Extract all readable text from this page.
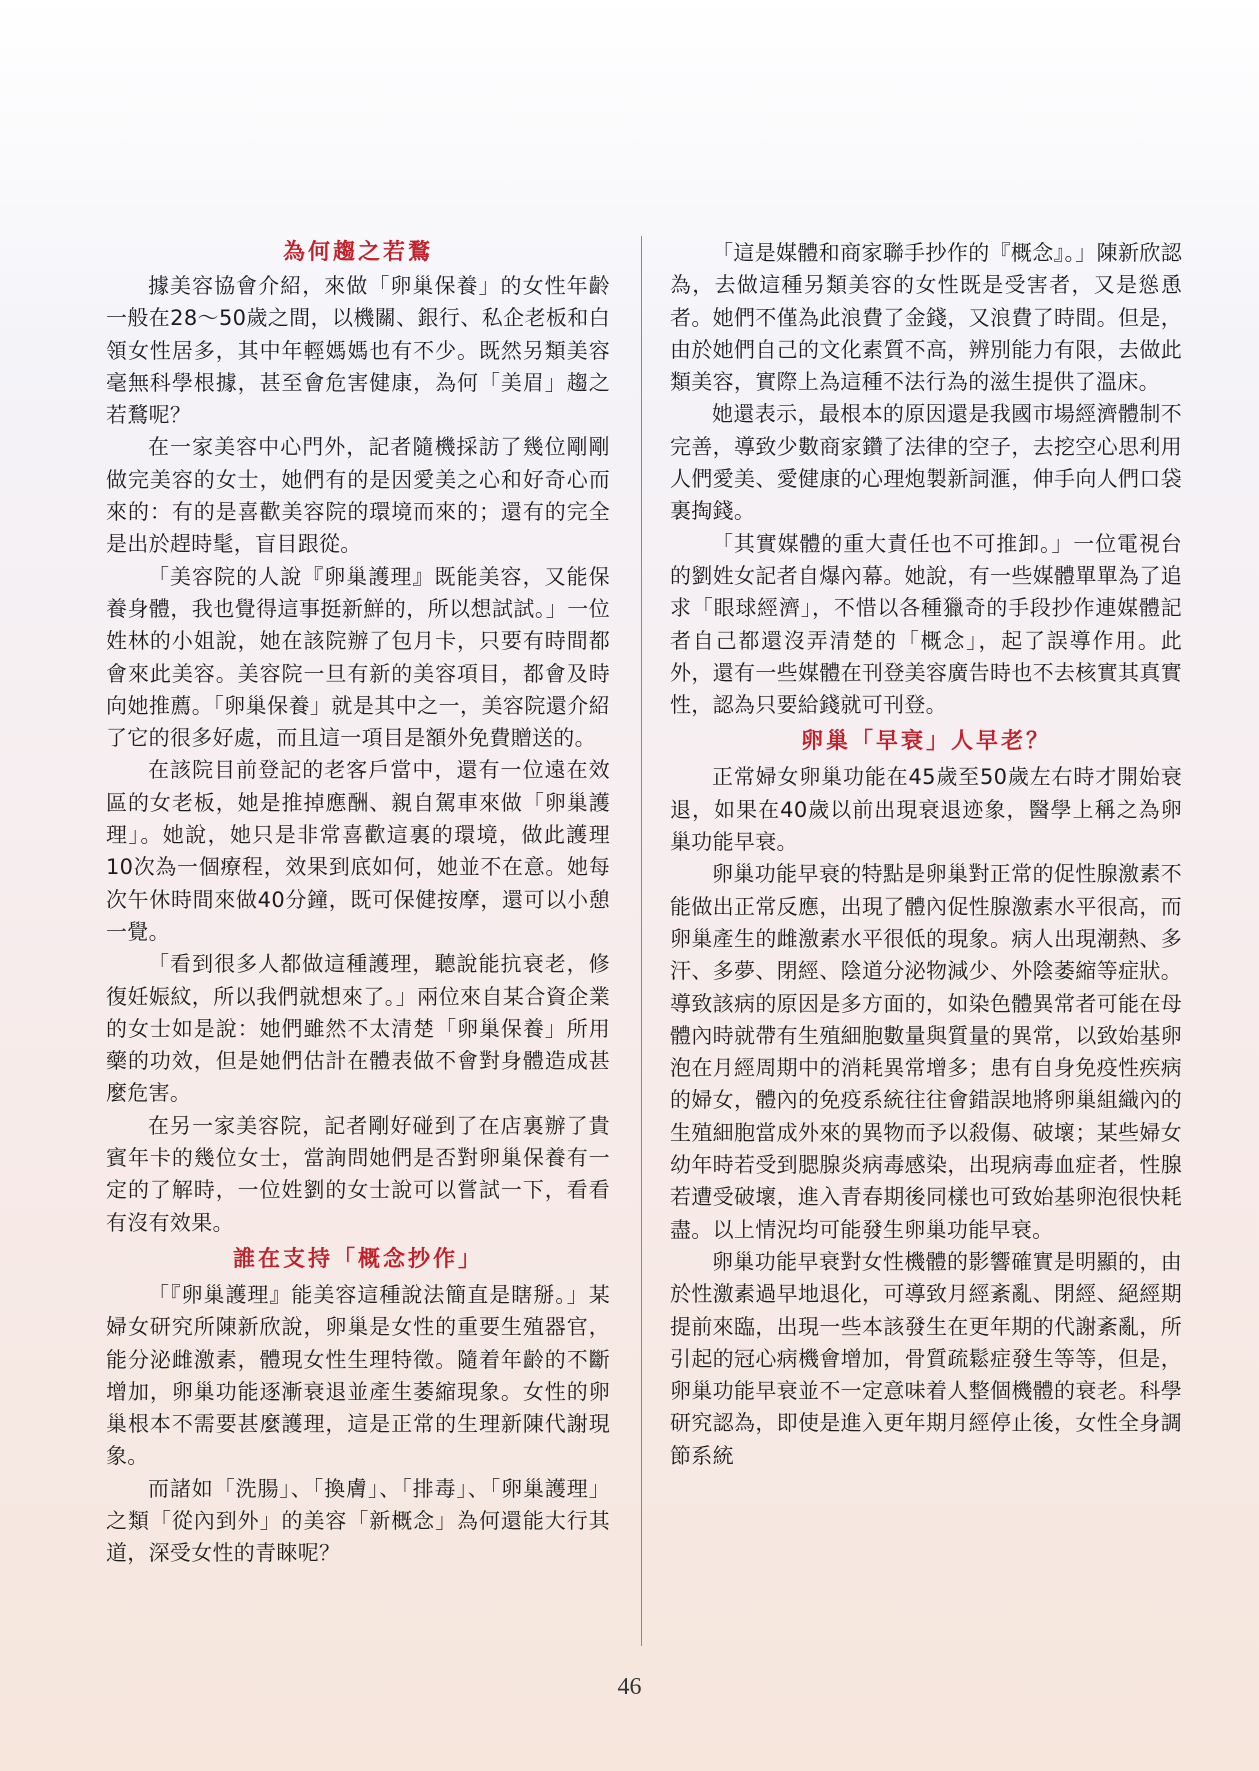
為何趨之若鶩

據美容協會介紹，來做「卵巢保養」的女性年齡一般在28～50歲之間，以機關、銀行、私企老板和白領女性居多，其中年輕媽媽也有不少。既然另類美容毫無科學根據，甚至會危害健康，為何「美眉」趨之若鶩呢？

在一家美容中心門外，記者隨機採訪了幾位剛剛做完美容的女士，她們有的是因愛美之心和好奇心而來的：有的是喜歡美容院的環境而來的；還有的完全是出於趕時髦，盲目跟從。

「美容院的人說『卵巢護理』既能美容，又能保養身體，我也覺得這事挺新鮮的，所以想試試。」一位姓林的小姐說，她在該院辦了包月卡，只要有時間都會來此美容。美容院一旦有新的美容項目，都會及時向她推薦。「卵巢保養」就是其中之一，美容院還介紹了它的很多好處，而且這一項目是額外免費贈送的。

在該院目前登記的老客戶當中，還有一位遠在效區的女老板，她是推掉應酬、親自駕車來做「卵巢護理」。她說，她只是非常喜歡這裏的環境，做此護理10次為一個療程，效果到底如何，她並不在意。她每次午休時間來做40分鐘，既可保健按摩，還可以小憩一覺。

「看到很多人都做這種護理，聽說能抗衰老，修復妊娠紋，所以我們就想來了。」兩位來自某合資企業的女士如是說：她們雖然不太清楚「卵巢保養」所用藥的功效，但是她們估計在體表做不會對身體造成甚麼危害。

在另一家美容院，記者剛好碰到了在店裏辦了貴賓年卡的幾位女士，當詢問她們是否對卵巢保養有一定的了解時，一位姓劉的女士說可以嘗試一下，看看有沒有效果。

誰在支持「概念抄作」

「『卵巢護理』能美容這種說法簡直是瞎掰。」某婦女研究所陳新欣說，卵巢是女性的重要生殖器官，能分泌雌激素，體現女性生理特徵。隨着年齡的不斷增加，卵巢功能逐漸衰退並產生萎縮現象。女性的卵巢根本不需要甚麼護理，這是正常的生理新陳代謝現象。

而諸如「洗腸」、「換膚」、「排毒」、「卵巢護理」之類「從內到外」的美容「新概念」為何還能大行其道，深受女性的青睞呢？

「這是媒體和商家聯手抄作的『概念』。」陳新欣認為，去做這種另類美容的女性既是受害者，又是慫恿者。她們不僅為此浪費了金錢，又浪費了時間。但是，由於她們自己的文化素質不高，辨別能力有限，去做此類美容，實際上為這種不法行為的滋生提供了溫床。

她還表示，最根本的原因還是我國市場經濟體制不完善，導致少數商家鑽了法律的空子，去挖空心思利用人們愛美、愛健康的心理炮製新詞滙，伸手向人們口袋裏掏錢。

「其實媒體的重大責任也不可推卸。」一位電視台的劉姓女記者自爆內幕。她說，有一些媒體單單為了追求「眼球經濟」，不惜以各種獵奇的手段抄作連媒體記者自己都還沒弄清楚的「概念」，起了誤導作用。此外，還有一些媒體在刊登美容廣告時也不去核實其真實性，認為只要給錢就可刊登。

卵巢「早衰」人早老？

正常婦女卵巢功能在45歲至50歲左右時才開始衰退，如果在40歲以前出現衰退迹象，醫學上稱之為卵巢功能早衰。

卵巢功能早衰的特點是卵巢對正常的促性腺激素不能做出正常反應，出現了體內促性腺激素水平很高，而卵巢產生的雌激素水平很低的現象。病人出現潮熱、多汗、多夢、閉經、陰道分泌物減少、外陰萎縮等症狀。導致該病的原因是多方面的，如染色體異常者可能在母體內時就帶有生殖細胞數量與質量的異常，以致始基卵泡在月經周期中的消耗異常增多；患有自身免疫性疾病的婦女，體內的免疫系統往往會錯誤地將卵巢組織內的生殖細胞當成外來的異物而予以殺傷、破壞；某些婦女幼年時若受到腮腺炎病毒感染，出現病毒血症者，性腺若遭受破壞，進入青春期後同樣也可致始基卵泡很快耗盡。以上情況均可能發生卵巢功能早衰。

卵巢功能早衰對女性機體的影響確實是明顯的，由於性激素過早地退化，可導致月經紊亂、閉經、絕經期提前來臨，出現一些本該發生在更年期的代謝紊亂，所引起的冠心病機會增加，骨質疏鬆症發生等等，但是，卵巢功能早衰並不一定意味着人整個機體的衰老。科學研究認為，即使是進入更年期月經停止後，女性全身調節系統

46
